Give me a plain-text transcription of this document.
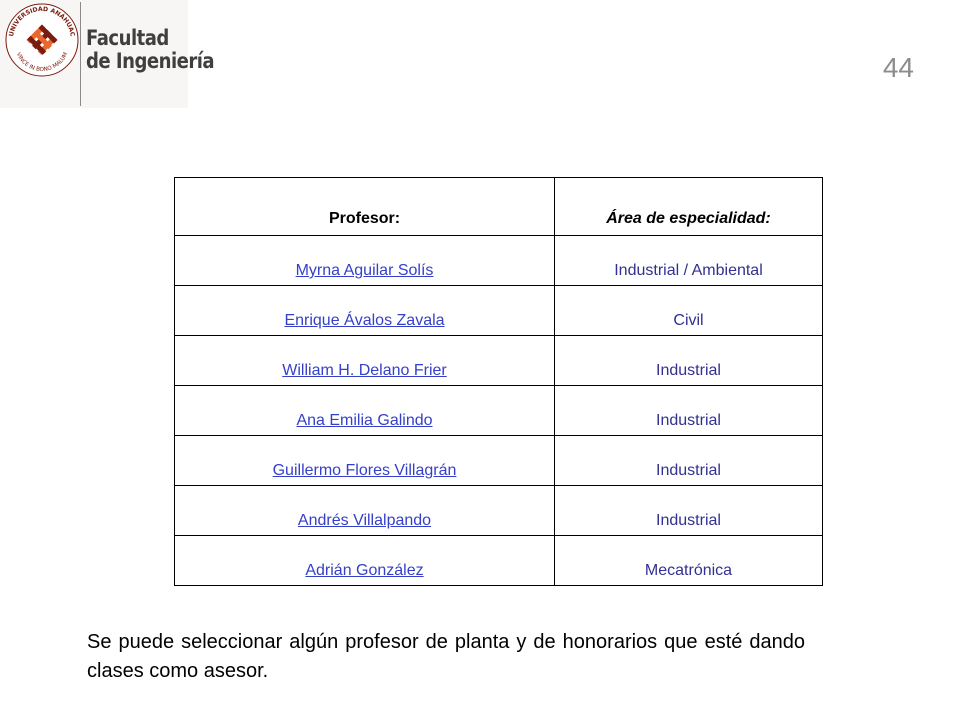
UNIVERSIDAD ANÁHUAC
VINCE IN BONO MALUM
Facultad
de Ingeniería	44
Profesor:	Área de especialidad:
Myrna Aguilar Solís	Industrial / Ambiental
Enrique Ávalos Zavala	Civil
William H. Delano Frier	Industrial
Ana Emilia Galindo	Industrial
Guillermo Flores Villagrán	Industrial
Andrés Villalpando	Industrial
Adrián González	Mecatrónica

Se puede seleccionar algún profesor de planta y de honorarios que esté dando clases como asesor.
